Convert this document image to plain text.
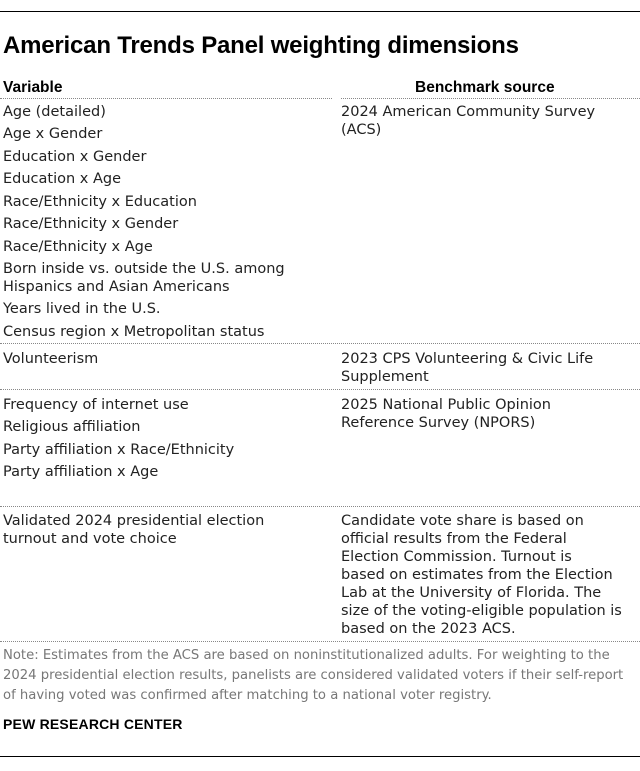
American Trends Panel weighting dimensions
Variable	Benchmark source
Age (detailed)
Age x Gender
Education x Gender
Education x Age
Race/Ethnicity x Education
Race/Ethnicity x Gender
Race/Ethnicity x Age
Born inside vs. outside the U.S. among
Hispanics and Asian Americans
Years lived in the U.S.
Census region x Metropolitan status
2024 American Community Survey
(ACS)
Volunteerism	2023 CPS Volunteering & Civic Life
Supplement
Frequency of internet use
Religious affiliation
Party affiliation x Race/Ethnicity
Party affiliation x Age
2025 National Public Opinion
Reference Survey (NPORS)
Validated 2024 presidential election
turnout and vote choice
Candidate vote share is based on
official results from the Federal
Election Commission. Turnout is
based on estimates from the Election
Lab at the University of Florida. The
size of the voting-eligible population is
based on the 2023 ACS.
Note: Estimates from the ACS are based on noninstitutionalized adults. For weighting to the 2024 presidential election results, panelists are considered validated voters if their self-report of having voted was confirmed after matching to a national voter registry.
PEW RESEARCH CENTER
